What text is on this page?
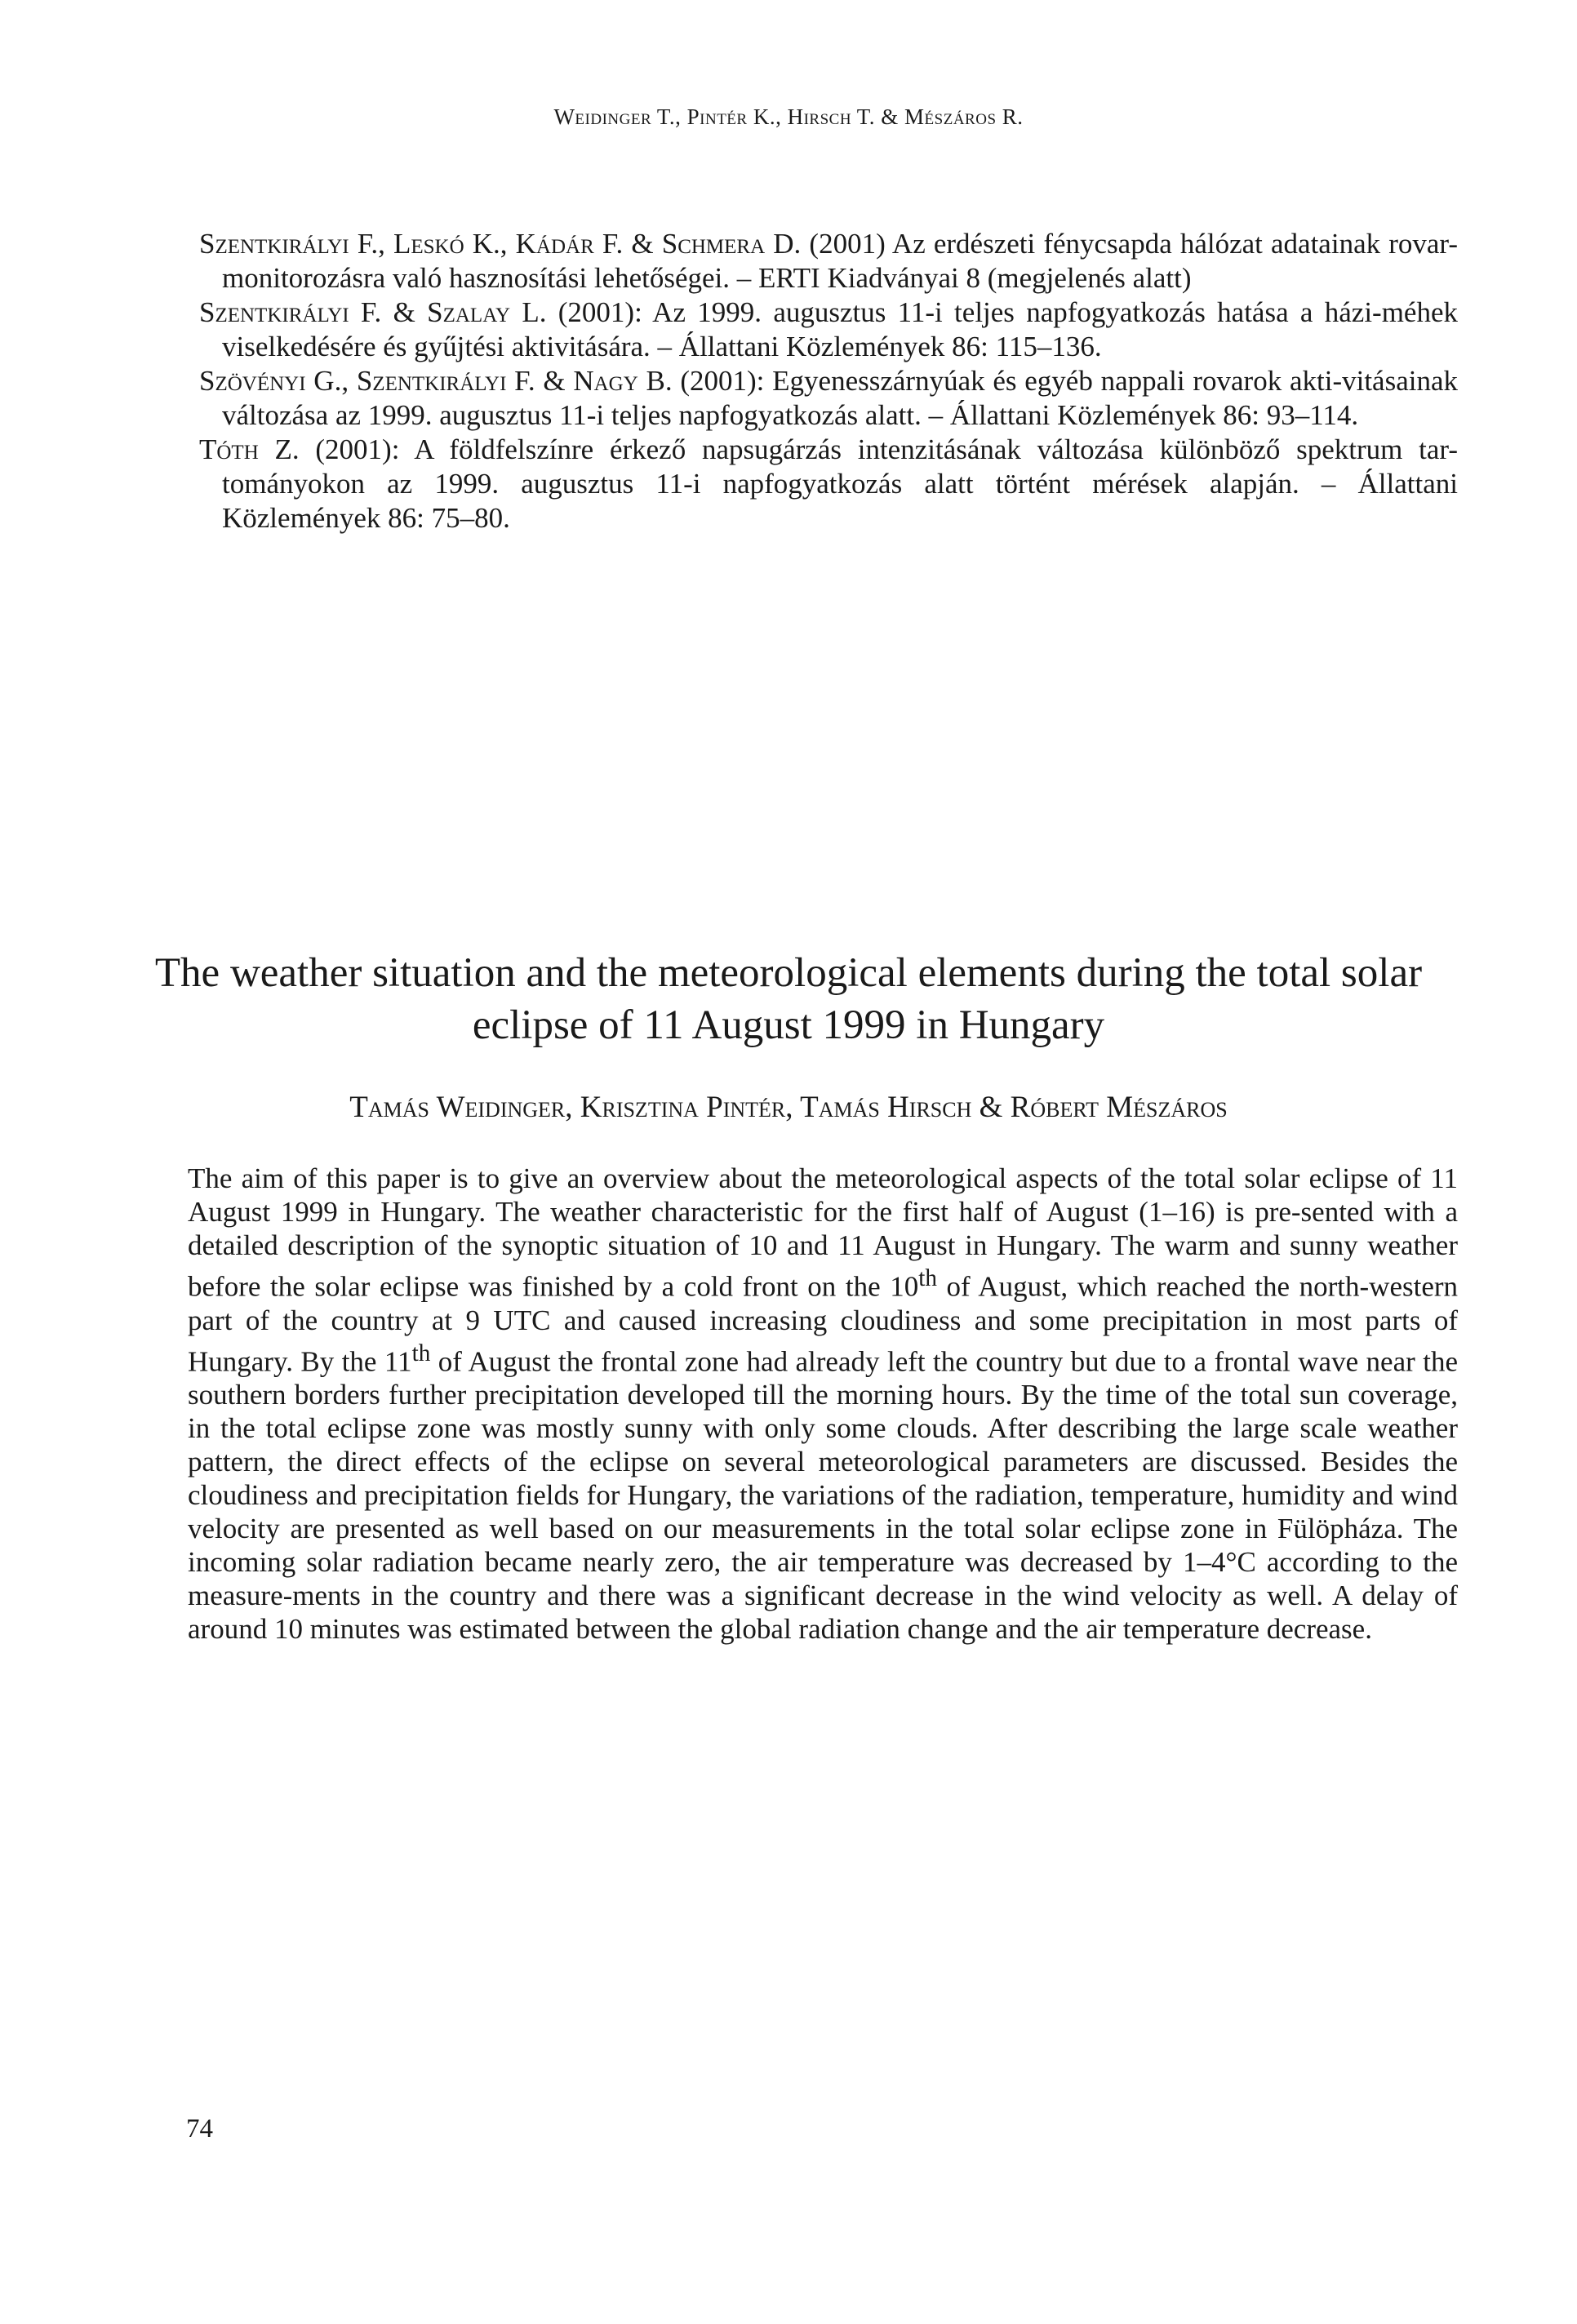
Weidinger T., Pintér K., Hirsch T. & Mészáros R.

Szentkirályi F., Leskó K., Kádár F. & Schmera D. (2001) Az erdészeti fénycsapda hálózat adatainak rovar-monitorozásra való hasznosítási lehetőségei. – ERTI Kiadványai 8 (megjelenés alatt)

Szentkirályi F. & Szalay L. (2001): Az 1999. augusztus 11-i teljes napfogyatkozás hatása a házi-méhek viselkedésére és gyűjtési aktivitására. – Állattani Közlemények 86: 115–136.

Szövényi G., Szentkirályi F. & Nagy B. (2001): Egyenesszárnyúak és egyéb nappali rovarok akti-vitásainak változása az 1999. augusztus 11-i teljes napfogyatkozás alatt. – Állattani Közlemények 86: 93–114.

Tóth Z. (2001): A földfelszínre érkező napsugárzás intenzitásának változása különböző spektrum tar-tományokon az 1999. augusztus 11-i napfogyatkozás alatt történt mérések alapján. – Állattani Közlemények 86: 75–80.

The weather situation and the meteorological elements during the total solar eclipse of 11 August 1999 in Hungary

Tamás Weidinger, Krisztina Pintér, Tamás Hirsch & Róbert Mészáros

The aim of this paper is to give an overview about the meteorological aspects of the total solar eclipse of 11 August 1999 in Hungary. The weather characteristic for the first half of August (1–16) is pre-sented with a detailed description of the synoptic situation of 10 and 11 August in Hungary. The warm and sunny weather before the solar eclipse was finished by a cold front on the 10th of August, which reached the north-western part of the country at 9 UTC and caused increasing cloudiness and some precipitation in most parts of Hungary. By the 11th of August the frontal zone had already left the country but due to a frontal wave near the southern borders further precipitation developed till the morning hours. By the time of the total sun coverage, in the total eclipse zone was mostly sunny with only some clouds. After describing the large scale weather pattern, the direct effects of the eclipse on several meteorological parameters are discussed. Besides the cloudiness and precipitation fields for Hungary, the variations of the radiation, temperature, humidity and wind velocity are presented as well based on our measurements in the total solar eclipse zone in Fülöpháza. The incoming solar radiation became nearly zero, the air temperature was decreased by 1–4°C according to the measure-ments in the country and there was a significant decrease in the wind velocity as well. A delay of around 10 minutes was estimated between the global radiation change and the air temperature decrease.

74
